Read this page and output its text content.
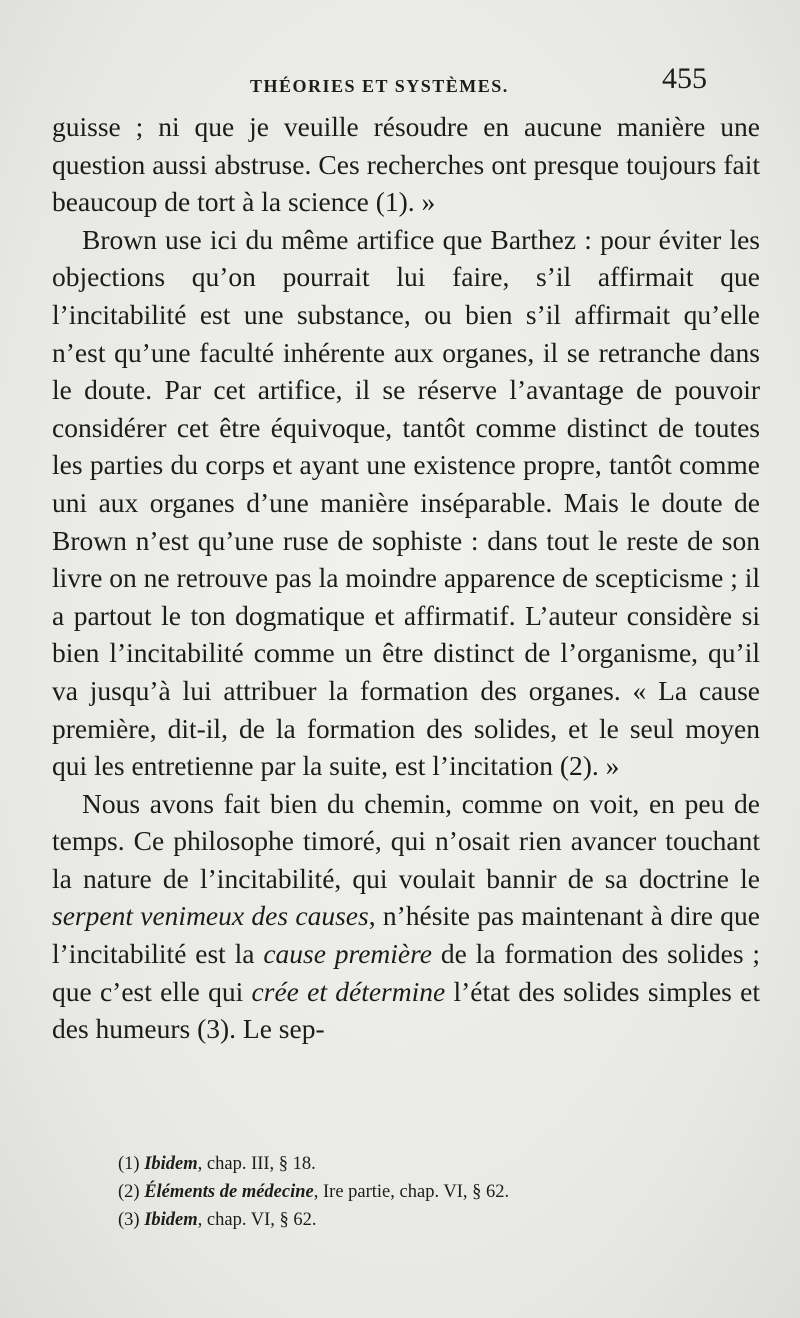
THÉORIES ET SYSTÈMES.	455

guisse ; ni que je veuille résoudre en aucune manière une question aussi abstruse. Ces recherches ont presque toujours fait beaucoup de tort à la science (1). »

Brown use ici du même artifice que Barthez : pour éviter les objections qu’on pourrait lui faire, s’il affirmait que l’incitabilité est une substance, ou bien s’il affirmait qu’elle n’est qu’une faculté inhérente aux organes, il se retranche dans le doute. Par cet artifice, il se réserve l’avantage de pouvoir considérer cet être équivoque, tantôt comme distinct de toutes les parties du corps et ayant une existence propre, tantôt comme uni aux organes d’une manière inséparable. Mais le doute de Brown n’est qu’une ruse de sophiste : dans tout le reste de son livre on ne retrouve pas la moindre apparence de scepticisme ; il a partout le ton dogmatique et affirmatif. L’auteur considère si bien l’incitabilité comme un être distinct de l’organisme, qu’il va jusqu’à lui attribuer la formation des organes. « La cause première, dit-il, de la formation des solides, et le seul moyen qui les entretienne par la suite, est l’incitation (2). »

Nous avons fait bien du chemin, comme on voit, en peu de temps. Ce philosophe timoré, qui n’osait rien avancer touchant la nature de l’incitabilité, qui voulait bannir de sa doctrine le serpent venimeux des causes, n’hésite pas maintenant à dire que l’incitabilité est la cause première de la formation des solides ; que c’est elle qui crée et détermine l’état des solides simples et des humeurs (3). Le sep-

(1) Ibidem, chap. III, § 18.
(2) Éléments de médecine, Ire partie, chap. VI, § 62.
(3) Ibidem, chap. VI, § 62.
